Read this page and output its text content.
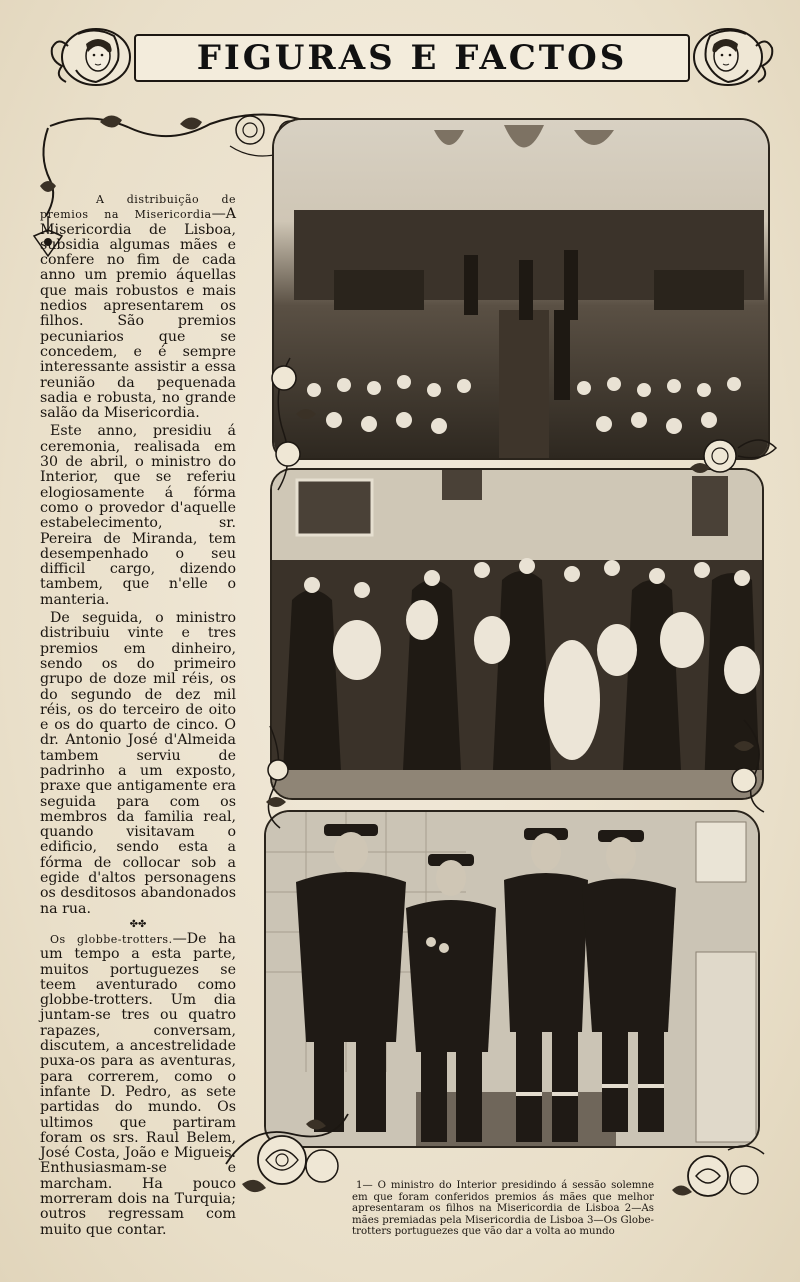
FIGURAS E FACTOS

A distribuição de premios na Misericordia—A Misericordia de Lisboa, subsidia algumas mães e confere no fim de cada anno um premio áquellas que mais robustos e mais nedios apresentarem os filhos. São premios pecuniarios que se concedem, e é sempre interessante assistir a essa reunião da pequenada sadia e robusta, no grande salão da Misericordia.

Este anno, presidiu á ceremonia, realisada em 30 de abril, o ministro do Interior, que se referiu elogiosamente á fórma como o provedor d'aquelle estabelecimento, sr. Pereira de Miranda, tem desempenhado o seu difficil cargo, dizendo tambem, que n'elle o manteria.

De seguida, o ministro distribuiu vinte e tres premios em dinheiro, sendo os do primeiro grupo de doze mil réis, os do segundo de dez mil réis, os do terceiro de oito e os do quarto de cinco. O dr. Antonio José d'Almeida tambem serviu de padrinho a um exposto, praxe que antigamente era seguida para com os membros da familia real, quando visitavam o edificio, sendo esta a fórma de collocar sob a egide d'altos personagens os desditosos abandonados na rua.

✤✤

Os globbe-trotters.—De ha um tempo a esta parte, muitos portuguezes se teem aventurado como globbe-trotters. Um dia juntam-se tres ou quatro rapazes, conversam, discutem, a ancestrelidade puxa-os para as aventuras, para correrem, como o infante D. Pedro, as sete partidas do mundo. Os ultimos que partiram foram os srs. Raul Belem, José Costa, João e Migueis. Enthusiasmam-se e marcham. Ha pouco morreram dois na Turquia; outros regressam com muito que contar.

1— O ministro do Interior presidindo á sessão solemne em que foram conferidos premios ás mães que melhor apresentaram os filhos na Misericordia de Lisboa 2—As mães premiadas pela Misericordia de Lisboa 3—Os Globe-trotters portuguezes que vão dar a volta ao mundo
